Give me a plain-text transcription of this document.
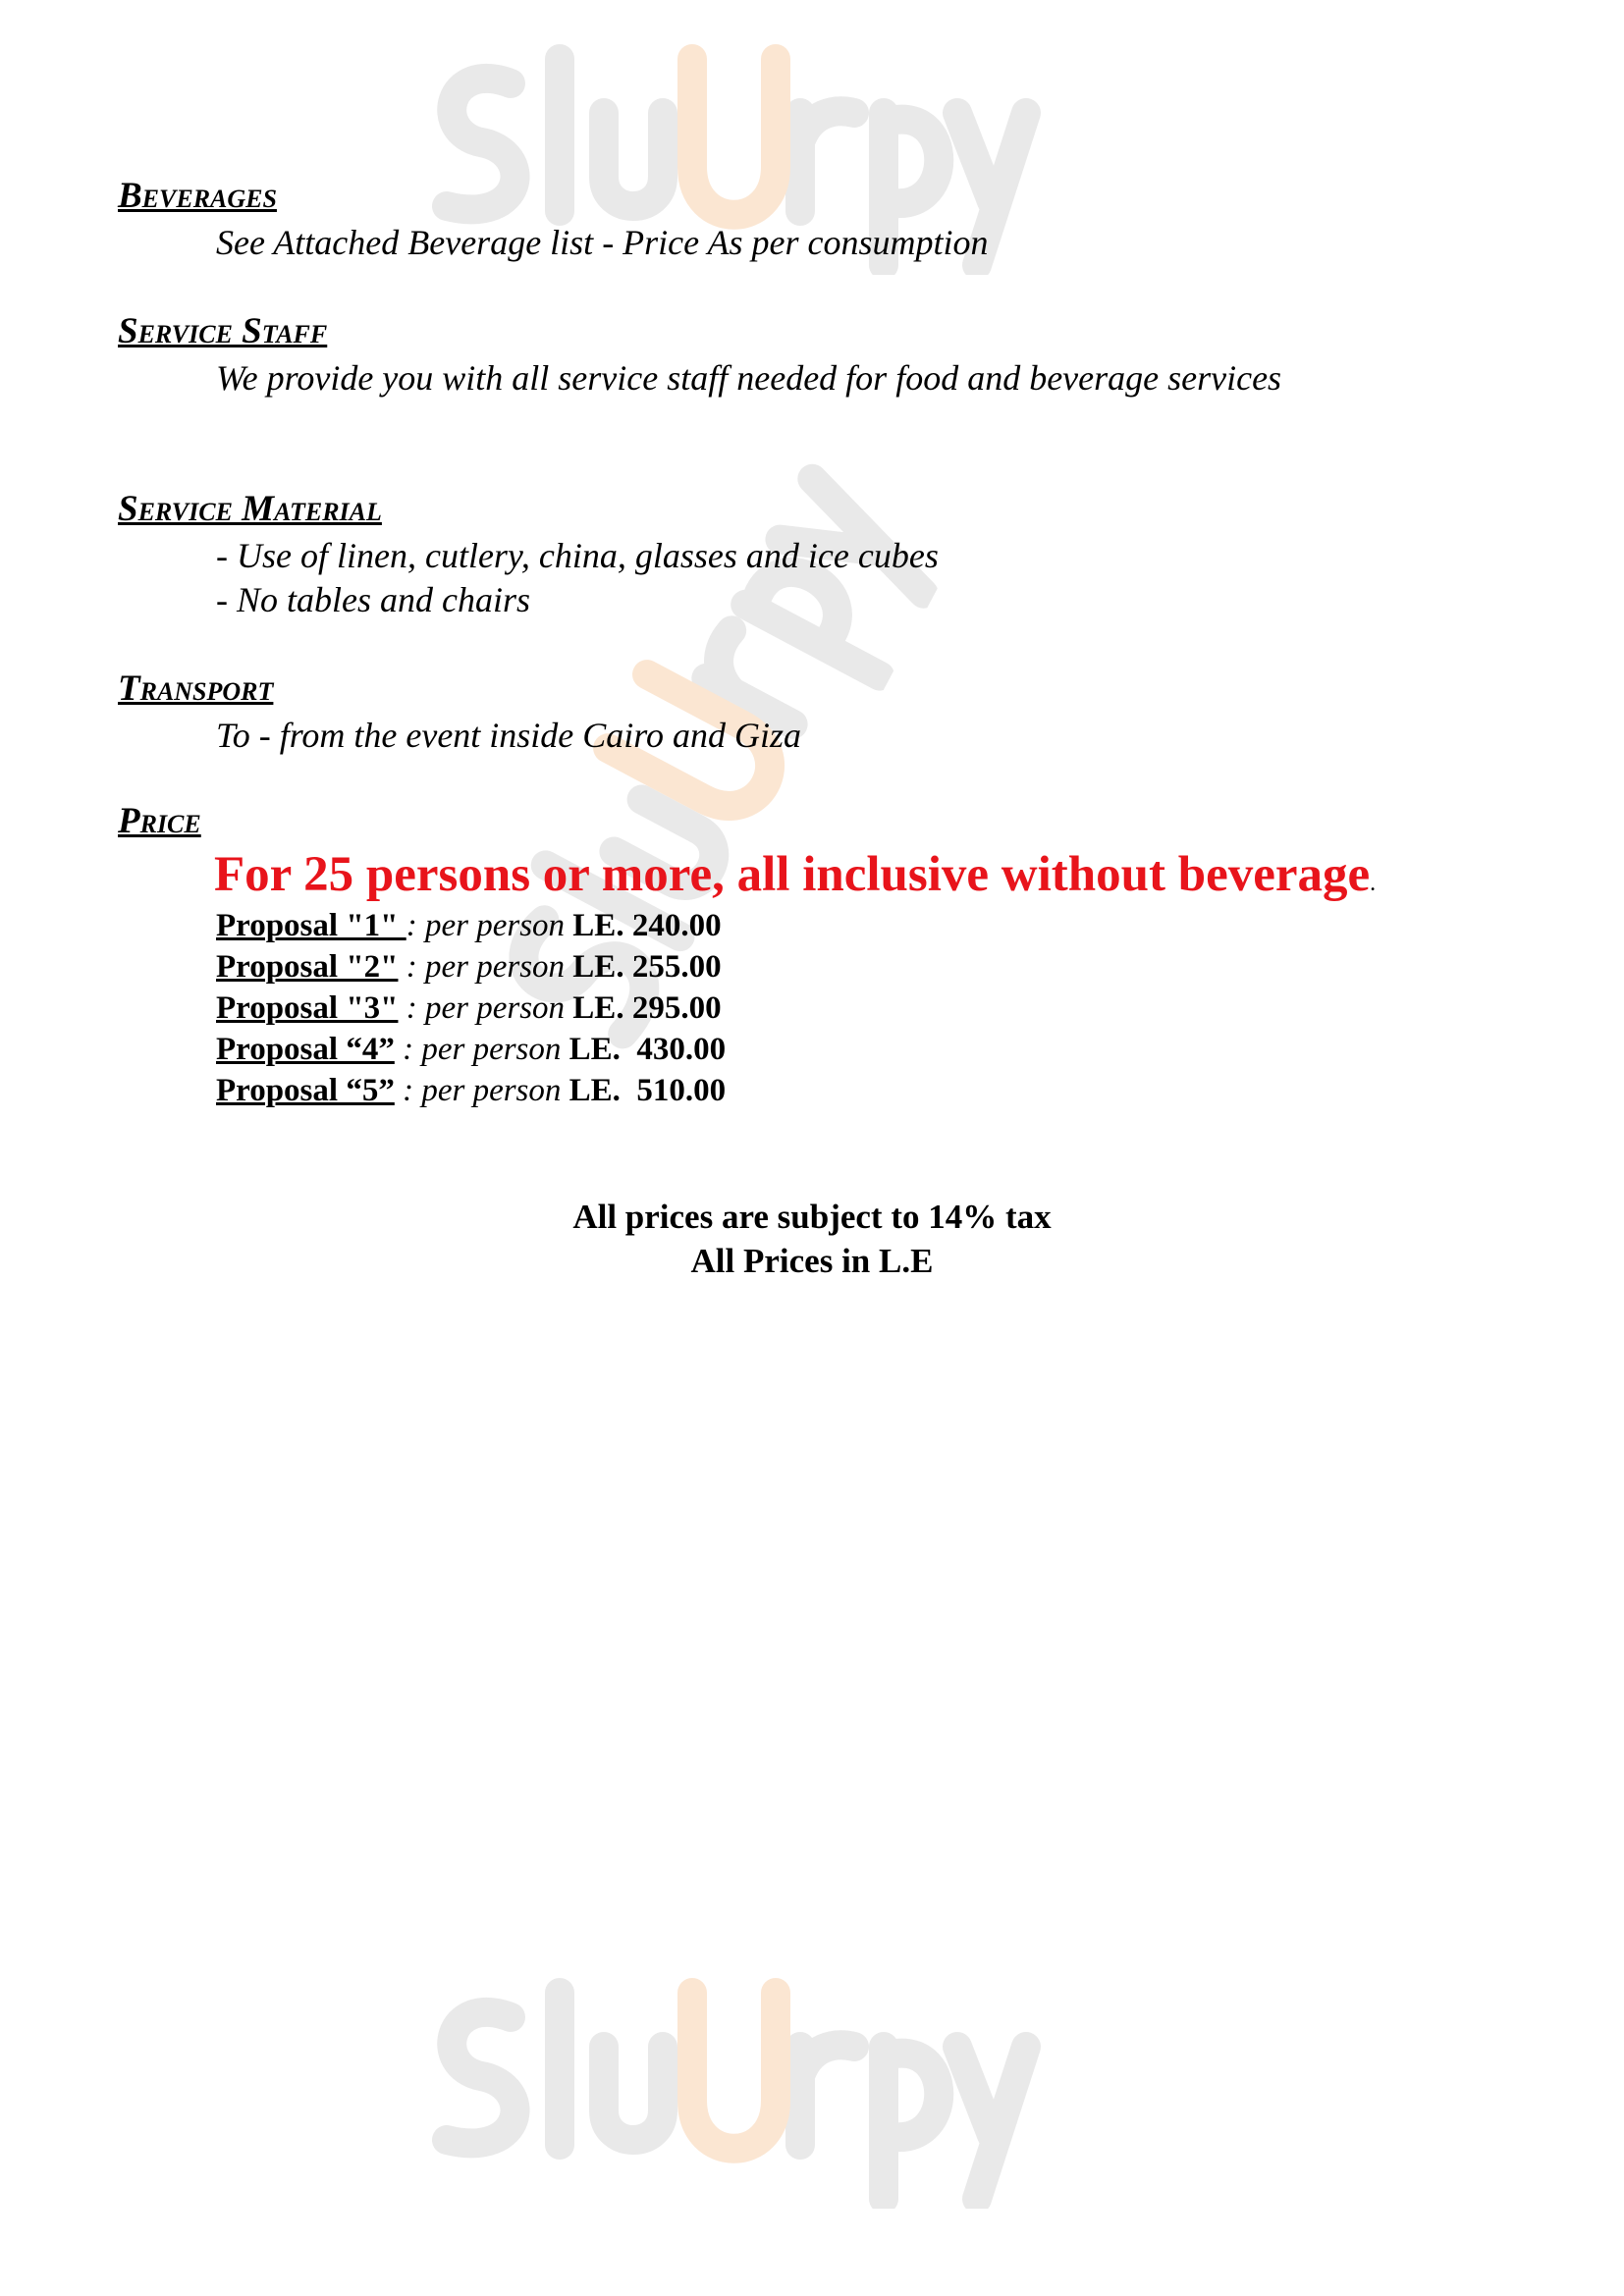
Beverages
See Attached Beverage list - Price As per consumption
Service Staff
We provide you with all service staff needed for food and beverage services
Service Material
- Use of linen, cutlery, china, glasses and ice cubes
- No tables and chairs
Transport
To - from the event inside Cairo and Giza
Price
For 25 persons or more, all inclusive without beverage.
Proposal "1" : per person LE. 240.00
Proposal "2" : per person LE. 255.00
Proposal "3" : per person LE. 295.00
Proposal “4” : per person LE.  430.00
Proposal “5” : per person LE.  510.00
All prices are subject to 14% tax
All Prices in L.E
